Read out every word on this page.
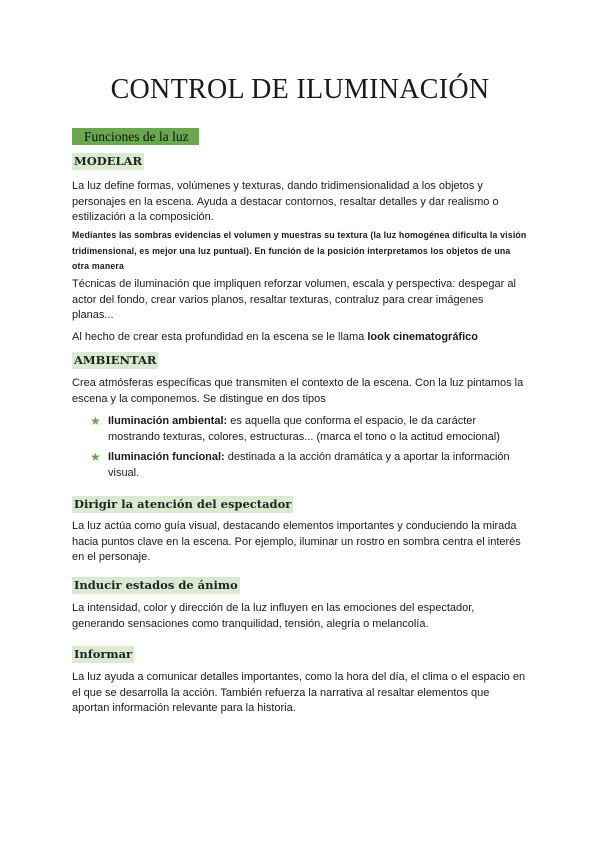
CONTROL DE ILUMINACIÓN
Funciones de la luz
MODELAR

La luz define formas, volúmenes y texturas, dando tridimensionalidad a los objetos y personajes en la escena. Ayuda a destacar contornos, resaltar detalles y dar realismo o estilización a la composición.

Mediantes las sombras evidencias el volumen y muestras su textura (la luz homogénea dificulta la visión tridimensional, es mejor una luz puntual). En función de la posición interpretamos los objetos de una otra manera

Técnicas de iluminación que impliquen reforzar volumen, escala y perspectiva: despegar al actor del fondo, crear varios planos, resaltar texturas, contraluz para crear imágenes planas...

Al hecho de crear esta profundidad en la escena se le llama look cinematográfico

AMBIENTAR

Crea atmósferas específicas que transmiten el contexto de la escena. Con la luz pintamos la escena y la componemos. Se distingue en dos tipos

★ Iluminación ambiental: es aquella que conforma el espacio, le da carácter mostrando texturas, colores, estructuras... (marca el tono o la actitud emocional)
★ Iluminación funcional: destinada a la acción dramática y a aportar la información visual.
Dirigir la atención del espectador

La luz actúa como guía visual, destacando elementos importantes y conduciendo la mirada hacia puntos clave en la escena. Por ejemplo, iluminar un rostro en sombra centra el interés en el personaje.

Inducir estados de ánimo

La intensidad, color y dirección de la luz influyen en las emociones del espectador, generando sensaciones como tranquilidad, tensión, alegría o melancolía.

Informar

La luz ayuda a comunicar detalles importantes, como la hora del día, el clima o el espacio en el que se desarrolla la acción. También refuerza la narrativa al resaltar elementos que aportan información relevante para la historia.
